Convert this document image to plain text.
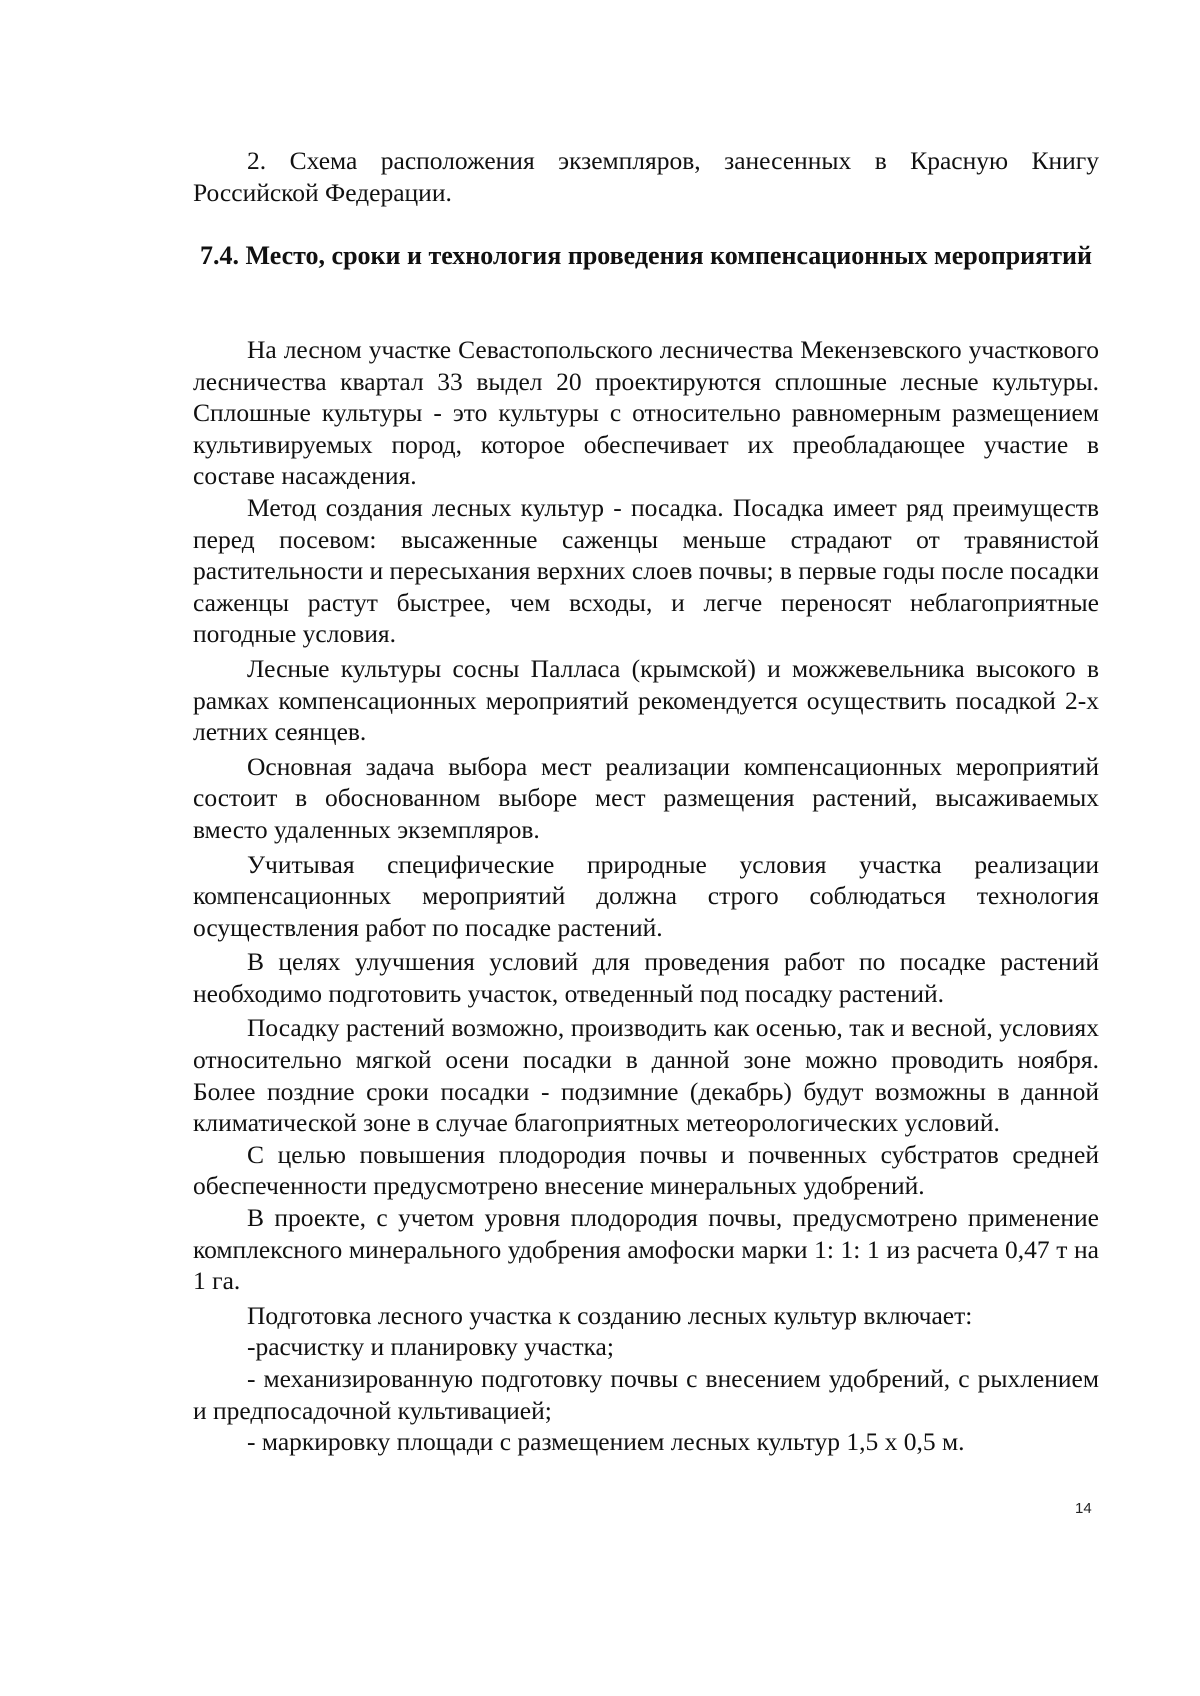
2. Схема расположения экземпляров, занесенных в Красную Книгу Российской Федерации.

7.4. Место, сроки и технология проведения компенсационных мероприятий

На лесном участке Севастопольского лесничества Мекензевского участкового лесничества квартал 33 выдел 20 проектируются сплошные лесные культуры. Сплошные культуры - это культуры с относительно равномерным размещением культивируемых пород, которое обеспечивает их преобладающее участие в составе насаждения.

Метод создания лесных культур - посадка. Посадка имеет ряд преимуществ перед посевом: высаженные саженцы меньше страдают от травянистой растительности и пересыхания верхних слоев почвы; в первые годы после посадки саженцы растут быстрее, чем всходы, и легче переносят неблагоприятные погодные условия.

Лесные культуры сосны Палласа (крымской) и можжевельника высокого в рамках компенсационных мероприятий рекомендуется осуществить посадкой 2-х летних сеянцев.

Основная задача выбора мест реализации компенсационных мероприятий состоит в обоснованном выборе мест размещения растений, высаживаемых вместо удаленных экземпляров.

Учитывая специфические природные условия участка реализации компенсационных мероприятий должна строго соблюдаться технология осуществления работ по посадке растений.

В целях улучшения условий для проведения работ по посадке растений необходимо подготовить участок, отведенный под посадку растений.

Посадку растений возможно, производить как осенью, так и весной, условиях относительно мягкой осени посадки в данной зоне можно проводить ноября. Более поздние сроки посадки - подзимние (декабрь) будут возможны в данной климатической зоне в случае благоприятных метеорологических условий.

С целью повышения плодородия почвы и почвенных субстратов средней обеспеченности предусмотрено внесение минеральных удобрений.

В проекте, с учетом уровня плодородия почвы, предусмотрено применение комплексного минерального удобрения амофоски марки 1: 1: 1 из расчета 0,47 т на 1 га.

Подготовка лесного участка к созданию лесных культур включает:

-расчистку и планировку участка;

- механизированную подготовку почвы с внесением удобрений, с рыхлением и предпосадочной культивацией;

- маркировку площади с размещением лесных культур 1,5 х 0,5 м.

14
